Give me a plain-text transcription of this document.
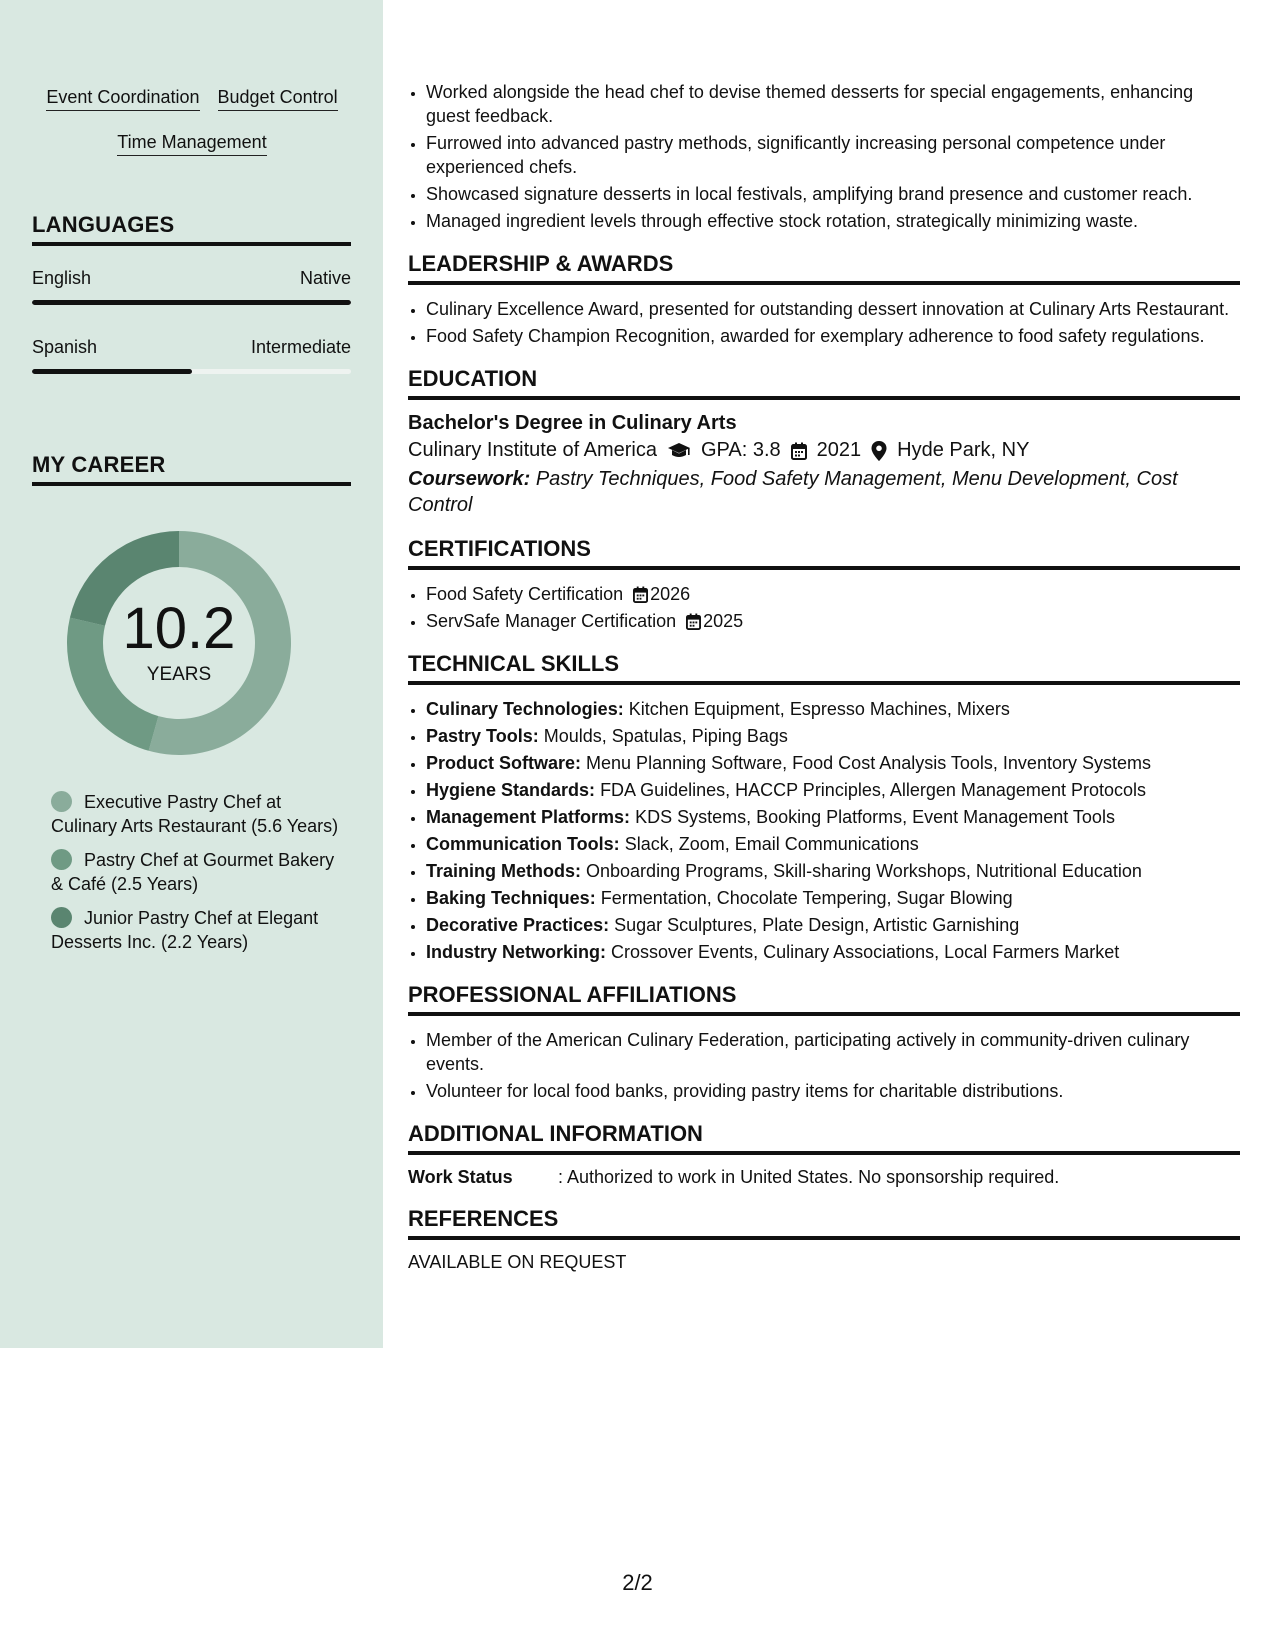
Event Coordination Budget Control
Time Management
LANGUAGES
English	Native
Spanish	Intermediate
MY CAREER
10.2
YEARS
Executive Pastry Chef at Culinary Arts Restaurant (5.6 Years)
Pastry Chef at Gourmet Bakery & Café (2.5 Years)
Junior Pastry Chef at Elegant Desserts Inc. (2.2 Years)
• Worked alongside the head chef to devise themed desserts for special engagements, enhancing guest feedback.
• Furrowed into advanced pastry methods, significantly increasing personal competence under experienced chefs.
• Showcased signature desserts in local festivals, amplifying brand presence and customer reach.
• Managed ingredient levels through effective stock rotation, strategically minimizing waste.
LEADERSHIP & AWARDS
• Culinary Excellence Award, presented for outstanding dessert innovation at Culinary Arts Restaurant.
• Food Safety Champion Recognition, awarded for exemplary adherence to food safety regulations.
EDUCATION
Bachelor's Degree in Culinary Arts
Culinary Institute of America GPA: 3.8 2021 Hyde Park, NY
Coursework: Pastry Techniques, Food Safety Management, Menu Development, Cost Control
CERTIFICATIONS
• Food Safety Certification 2026
• ServSafe Manager Certification 2025
TECHNICAL SKILLS
• Culinary Technologies: Kitchen Equipment, Espresso Machines, Mixers
• Pastry Tools: Moulds, Spatulas, Piping Bags
• Product Software: Menu Planning Software, Food Cost Analysis Tools, Inventory Systems
• Hygiene Standards: FDA Guidelines, HACCP Principles, Allergen Management Protocols
• Management Platforms: KDS Systems, Booking Platforms, Event Management Tools
• Communication Tools: Slack, Zoom, Email Communications
• Training Methods: Onboarding Programs, Skill-sharing Workshops, Nutritional Education
• Baking Techniques: Fermentation, Chocolate Tempering, Sugar Blowing
• Decorative Practices: Sugar Sculptures, Plate Design, Artistic Garnishing
• Industry Networking: Crossover Events, Culinary Associations, Local Farmers Market
PROFESSIONAL AFFILIATIONS
• Member of the American Culinary Federation, participating actively in community-driven culinary events.
• Volunteer for local food banks, providing pastry items for charitable distributions.
ADDITIONAL INFORMATION
Work Status	: Authorized to work in United States. No sponsorship required.
REFERENCES
AVAILABLE ON REQUEST
2/2
